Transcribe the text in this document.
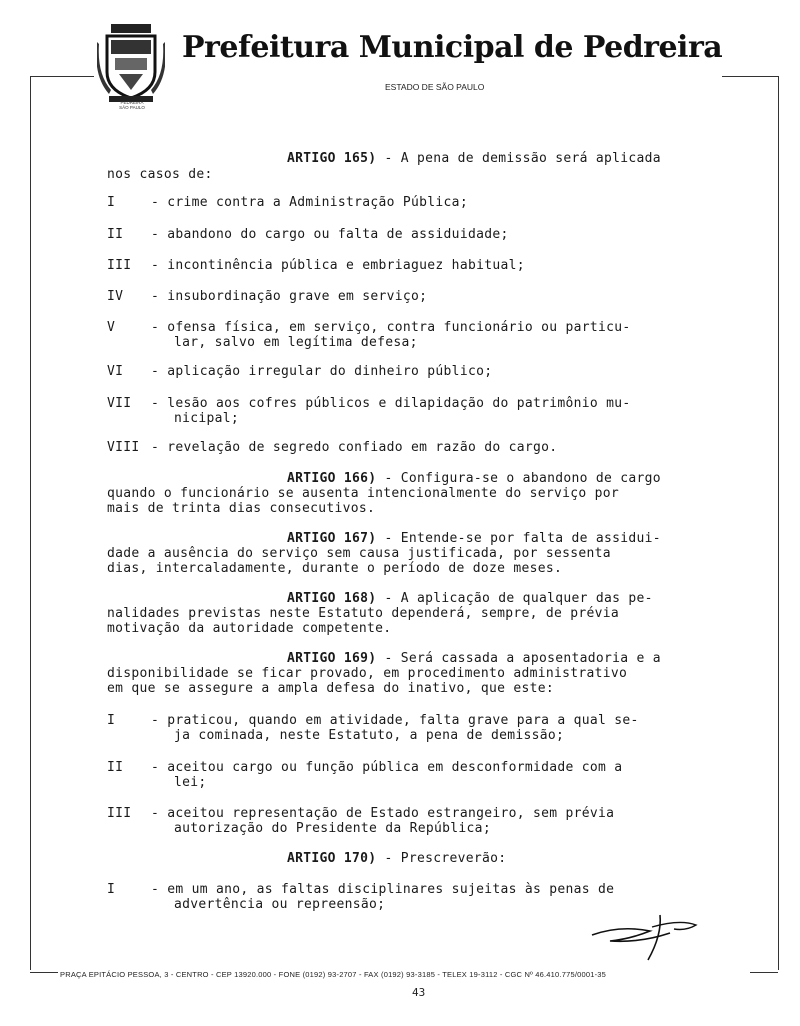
PEDREIRA
SÃO PAULO
Prefeitura Municipal de Pedreira
ESTADO DE SÃO PAULO
ARTIGO 165) - A pena de demissão será aplicada
nos casos de:
I	- crime contra a Administração Pública;
II - abandono do cargo ou falta de assiduidade;
III - incontinência pública e embriaguez habitual;
IV - insubordinação grave em serviço;
V	- ofensa física, em serviço, contra funcionário ou particu-
lar, salvo em legítima defesa;
VI - aplicação irregular do dinheiro público;
VII - lesão aos cofres públicos e dilapidação do patrimônio mu-
nicipal;
VIII - revelação de segredo confiado em razão do cargo.
ARTIGO 166) - Configura-se o abandono de cargo
quando o funcionário se ausenta intencionalmente do serviço por
mais de trinta dias consecutivos.
ARTIGO 167) - Entende-se por falta de assidui-
dade a ausência do serviço sem causa justificada, por sessenta
dias, intercaladamente, durante o período de doze meses.
ARTIGO 168) - A aplicação de qualquer das pe-
nalidades previstas neste Estatuto dependerá, sempre, de prévia
motivação da autoridade competente.
ARTIGO 169) - Será cassada a aposentadoria e a
disponibilidade se ficar provado, em procedimento administrativo
em que se assegure a ampla defesa do inativo, que este:
I	- praticou, quando em atividade, falta grave para a qual se-
ja cominada, neste Estatuto, a pena de demissão;
II - aceitou cargo ou função pública em desconformidade com a
lei;
III - aceitou representação de Estado estrangeiro, sem prévia
autorização do Presidente da República;
ARTIGO 170) - Prescreverão:
I	- em um ano, as faltas disciplinares sujeitas às penas de
advertência ou repreensão;
PRAÇA EPITÁCIO PESSOA, 3 - CENTRO - CEP 13920.000 - FONE (0192) 93-2707 - FAX (0192) 93-3185 - TELEX 19-3112 - CGC Nº 46.410.775/0001-35
43
